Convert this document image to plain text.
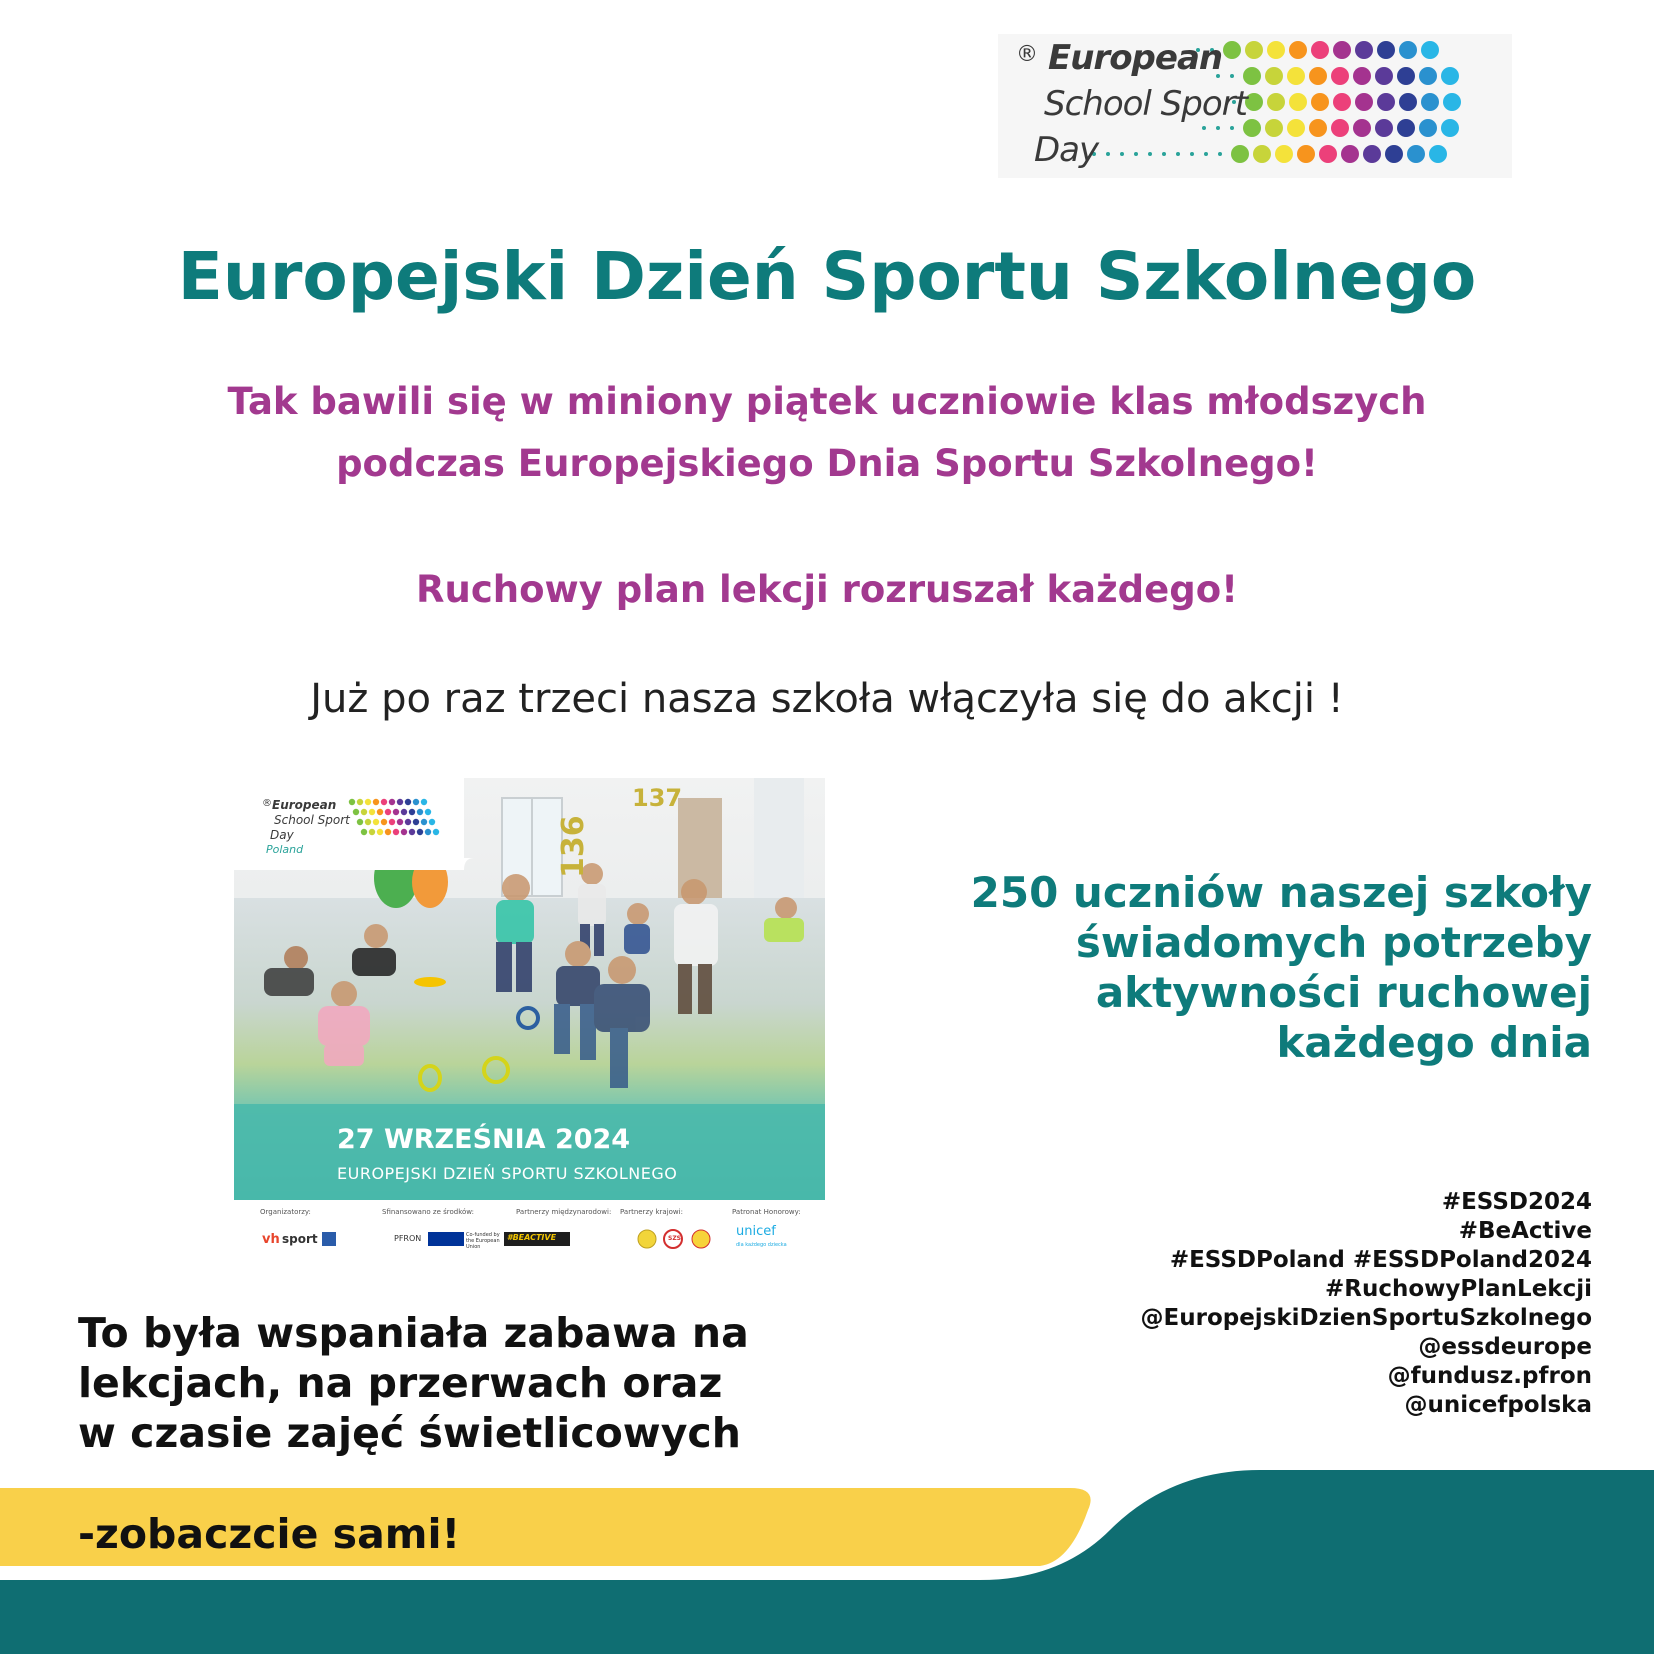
® European
School Sport
Day
Europejski Dzień Sportu Szkolnego
Tak bawili się w miniony piątek uczniowie klas młodszych
podczas Europejskiego Dnia Sportu Szkolnego!
Ruchowy plan lekcji rozruszał każdego!
Już po raz trzeci nasza szkoła włączyła się do akcji !
vh sport
® European
School Sport
Day
Poland
137
136
27 WRZEŚNIA 2024
EUROPEJSKI DZIEŃ SPORTU SZKOLNEGO
Organizatorzy:	Sfinansowano ze środków:	Partnerzy międzynarodowi: Partnerzy krajowi:	Patronat Honorowy:
PFRON	Co-funded by the European Union
#BEACTIVE	SZS	unicef
dla każdego dziecka
250 uczniów naszej szkoły
świadomych potrzeby
aktywności ruchowej
każdego dnia
#ESSD2024
#BeActive
#ESSDPoland #ESSDPoland2024
#RuchowyPlanLekcji
@EuropejskiDzienSportuSzkolnego
@essdeurope
@fundusz.pfron
@unicefpolska
To była wspaniała zabawa na
lekcjach, na przerwach oraz
w czasie zajęć świetlicowych
-zobaczcie sami!
